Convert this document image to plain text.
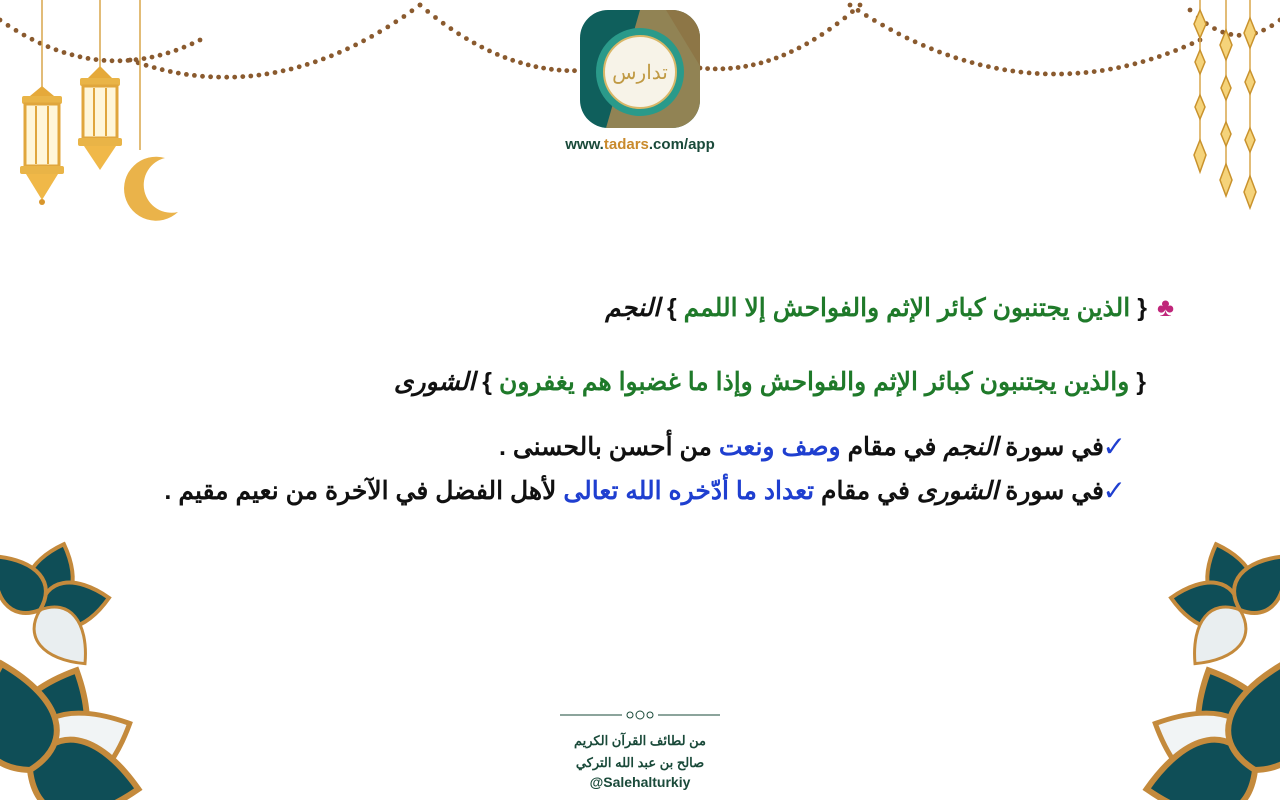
تدارس
www.tadars.com/app
♣{ الذين يجتنبون كبائر الإثم والفواحش إلا اللمم } النجم
{ والذين يجتنبون كبائر الإثم والفواحش وإذا ما غضبوا هم يغفرون } الشورى
✓
في سورة النجم في مقام وصف ونعت من أحسن بالحسنى .
✓
في سورة الشورى في مقام تعداد ما أدّخره الله تعالى لأهل الفضل في الآخرة من نعيم مقيم .
من لطائف القرآن الكريم
صالح بن عبد الله التركي
@Salehalturkiy
